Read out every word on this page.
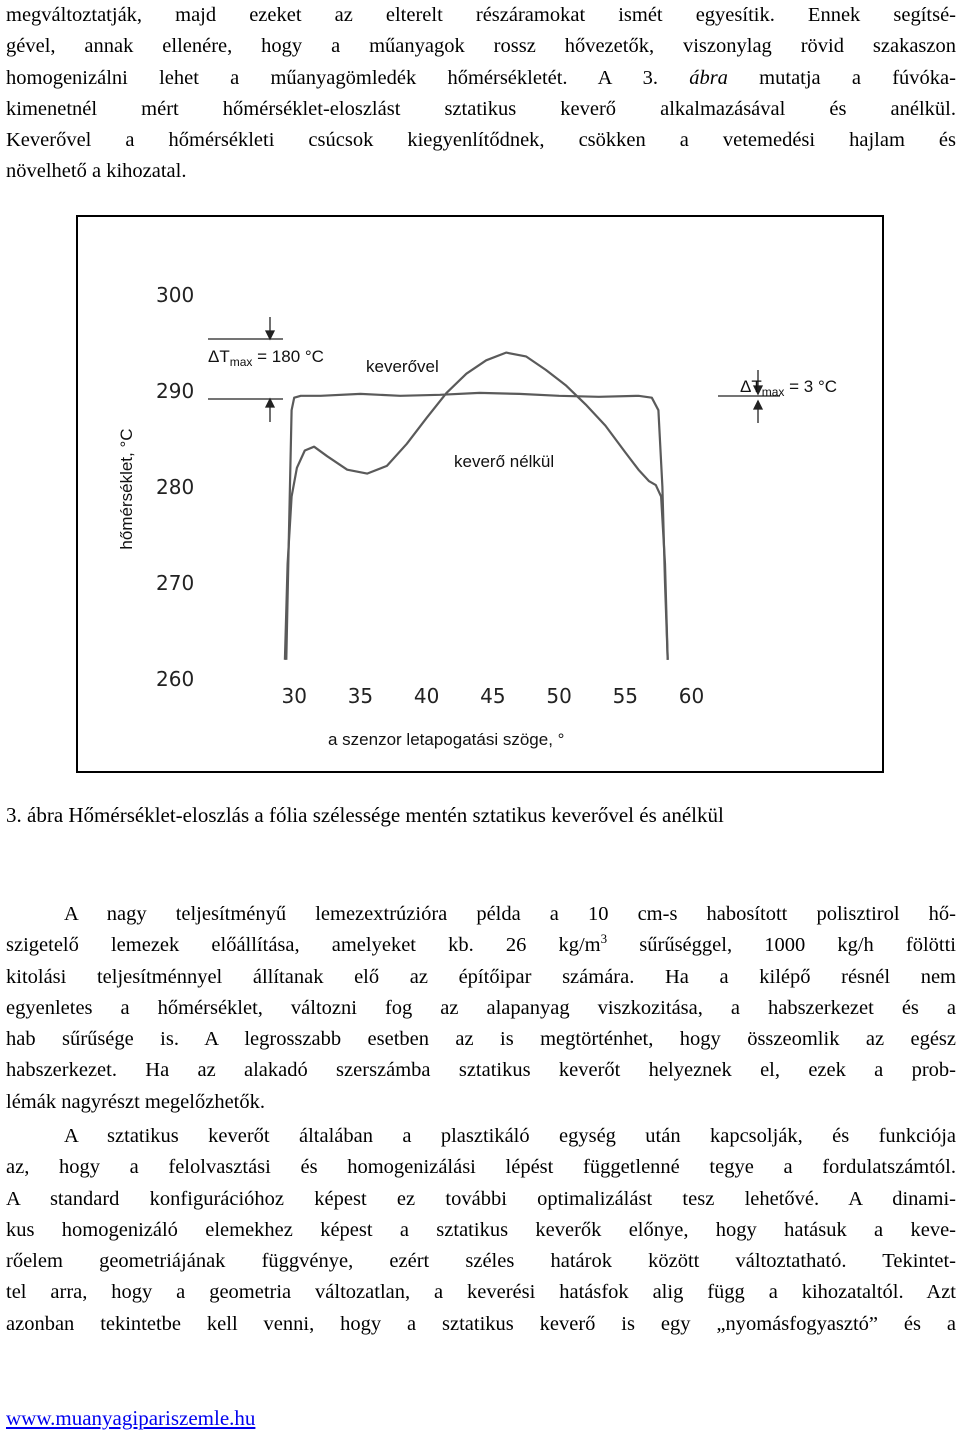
megváltoztatják, majd ezeket az elterelt részáramokat ismét egyesítik. Ennek segítsé-
gével, annak ellenére, hogy a műanyagok rossz hővezetők, viszonylag rövid szakaszon
homogenizálni lehet a műanyagömledék hőmérsékletét. A 3. ábra mutatja a fúvóka-
kimenetnél mért hőmérséklet-eloszlást sztatikus keverő alkalmazásával és anélkül.
Keverővel a hőmérsékleti csúcsok kiegyenlítődnek, csökken a vetemedési hajlam és
növelhető a kihozatal.

260
270
280
290
300
30 35 40 45 50 55 60
$\Delta T_{max} = 180$ °C
keverővel
$\Delta T_{max} = 3$ °C
keverő nélkül
a szenzor letapogatási szöge, °
hőmérséklet, °C
3. ábra Hőmérséklet-eloszlás a fólia szélessége mentén sztatikus keverővel és anélkül

A nagy teljesítményű lemezextrúzióra példa a 10 cm-s habosított polisztirol hő-
szigetelő lemezek előállítása, amelyeket kb. 26 $kg/m^3$ sűrűséggel, 1000 kg/h fölötti
kitolási teljesítménnyel állítanak elő az építőipar számára. Ha a kilépő résnél nem
egyenletes a hőmérséklet, változni fog az alapanyag viszkozitása, a habszerkezet és a
hab sűrűsége is. A legrosszabb esetben az is megtörténhet, hogy összeomlik az egész
habszerkezet. Ha az alakadó szerszámba sztatikus keverőt helyeznek el, ezek a prob-
lémák nagyrészt megelőzhetők.

A sztatikus keverőt általában a plasztikáló egység után kapcsolják, és funkciója
az, hogy a felolvasztási és homogenizálási lépést függetlenné tegye a fordulatszámtól.
A standard konfigurációhoz képest ez további optimalizálást tesz lehetővé. A dinami-
kus homogenizáló elemekhez képest a sztatikus keverők előnye, hogy hatásuk a keve-
rőelem geometriájának függvénye, ezért széles határok között változtatható. Tekintet-
tel arra, hogy a geometria változatlan, a keverési hatásfok alig függ a kihozataltól. Azt
azonban tekintetbe kell venni, hogy a sztatikus keverő is egy „nyomásfogyasztó” és a

www.muanyagipariszemle.hu
